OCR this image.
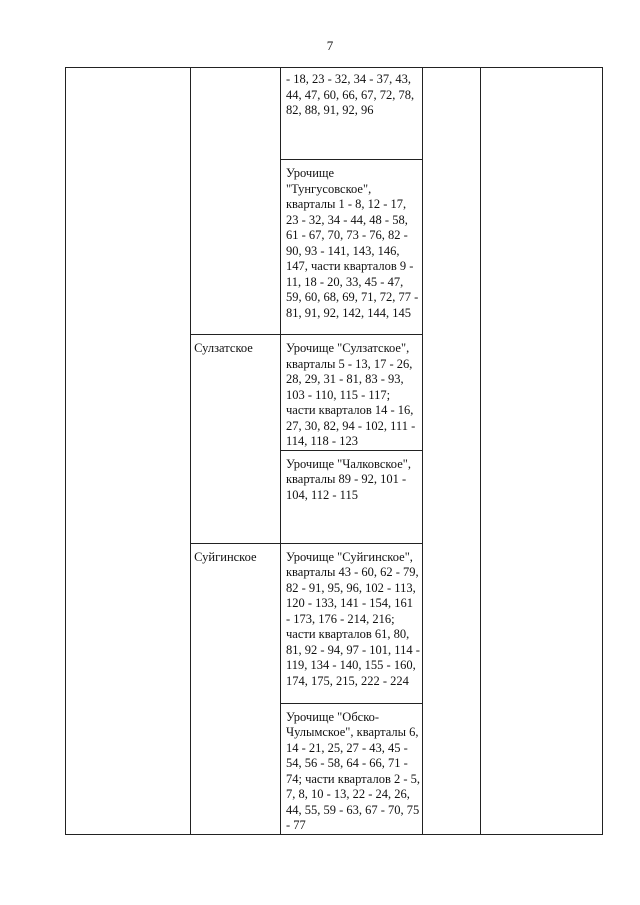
7

		- 18, 23 - 32, 34 - 37, 43, 44, 47, 60, 66, 67, 72, 78, 82, 88, 91, 92, 96		

		Урочище "Тунгусовское", кварталы 1 - 8, 12 - 17, 23 - 32, 34 - 44, 48 - 58, 61 - 67, 70, 73 - 76, 82 - 90, 93 - 141, 143, 146, 147, части кварталов 9 - 11, 18 - 20, 33, 45 - 47, 59, 60, 68, 69, 71, 72, 77 - 81, 91, 92, 142, 144, 145		

	Сулзатское	Урочище "Сулзатское", кварталы 5 - 13, 17 - 26, 28, 29, 31 - 81, 83 - 93, 103 - 110, 115 - 117; части кварталов 14 - 16, 27, 30, 82, 94 - 102, 111 - 114, 118 - 123		

		Урочище "Чалковское", кварталы 89 - 92, 101 - 104, 112 - 115		

	Суйгинское	Урочище "Суйгинское", кварталы 43 - 60, 62 - 79, 82 - 91, 95, 96, 102 - 113, 120 - 133, 141 - 154, 161 - 173, 176 - 214, 216; части кварталов 61, 80, 81, 92 - 94, 97 - 101, 114 - 119, 134 - 140, 155 - 160, 174, 175, 215, 222 - 224		

		Урочище "Обско-Чулымское", кварталы 6, 14 - 21, 25, 27 - 43, 45 - 54, 56 - 58, 64 - 66, 71 - 74; части кварталов 2 - 5, 7, 8, 10 - 13, 22 - 24, 26, 44, 55, 59 - 63, 67 - 70, 75 - 77		
